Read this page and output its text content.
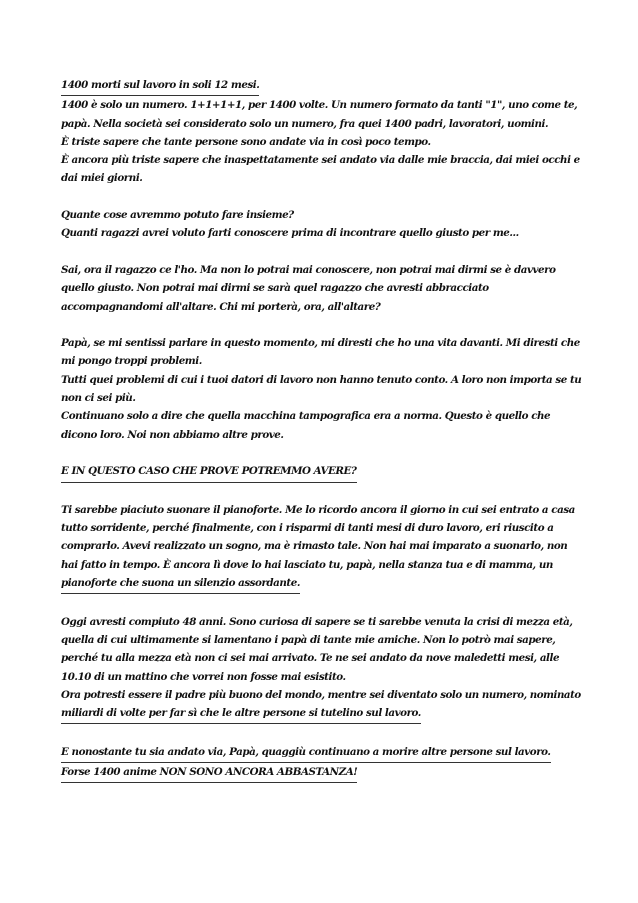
1400 morti sul lavoro in soli 12 mesi. 1400 è solo un numero. 1+1+1+1, per 1400 volte. Un numero formato da tanti "1", uno come te, papà. Nella società sei considerato solo un numero, fra quei 1400 padri, lavoratori, uomini. È triste sapere che tante persone sono andate via in così poco tempo. È ancora più triste sapere che inaspettatamente sei andato via dalle mie braccia, dai miei occhi e dai miei giorni.
Quante cose avremmo potuto fare insieme? Quanti ragazzi avrei voluto farti conoscere prima di incontrare quello giusto per me...
Sai, ora il ragazzo ce l'ho. Ma non lo potrai mai conoscere, non potrai mai dirmi se è davvero quello giusto. Non potrai mai dirmi se sarà quel ragazzo che avresti abbracciato accompagnandomi all'altare. Chi mi porterà, ora, all'altare?
Papà, se mi sentissi parlare in questo momento, mi diresti che ho una vita davanti. Mi diresti che mi pongo troppi problemi. Tutti quei problemi di cui i tuoi datori di lavoro non hanno tenuto conto. A loro non importa se tu non ci sei più. Continuano solo a dire che quella macchina tampografica era a norma. Questo è quello che dicono loro. Noi non abbiamo altre prove.
E IN QUESTO CASO CHE PROVE POTREMMO AVERE?
Ti sarebbe piaciuto suonare il pianoforte. Me lo ricordo ancora il giorno in cui sei entrato a casa tutto sorridente, perché finalmente, con i risparmi di tanti mesi di duro lavoro, eri riuscito a comprarlo. Avevi realizzato un sogno, ma è rimasto tale. Non hai mai imparato a suonarlo, non hai fatto in tempo. È ancora lì dove lo hai lasciato tu, papà, nella stanza tua e di mamma, un pianoforte che suona un silenzio assordante.
Oggi avresti compiuto 48 anni. Sono curiosa di sapere se ti sarebbe venuta la crisi di mezza età, quella di cui ultimamente si lamentano i papà di tante mie amiche. Non lo potrò mai sapere, perché tu alla mezza età non ci sei mai arrivato. Te ne sei andato da nove maledetti mesi, alle 10.10 di un mattino che vorrei non fosse mai esistito. Ora potresti essere il padre più buono del mondo, mentre sei diventato solo un numero, nominato miliardi di volte per far sì che le altre persone si tutelino sul lavoro.
E nonostante tu sia andato via, Papà, quaggiù continuano a morire altre persone sul lavoro. Forse 1400 anime NON SONO ANCORA ABBASTANZA!
